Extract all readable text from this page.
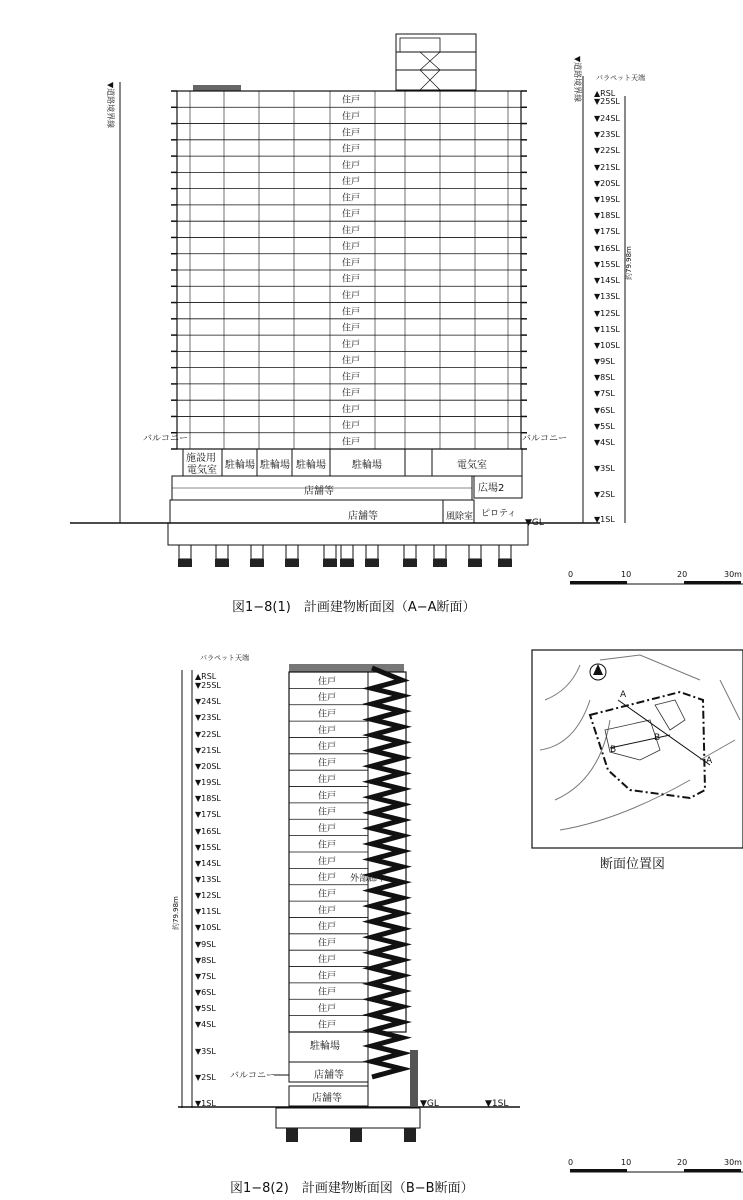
▼道路境界線	住戸
住戸
住戸
住戸
住戸
住戸
住戸
住戸
住戸
住戸
住戸
住戸
住戸
住戸
住戸
住戸
住戸
住戸
住戸
住戸
住戸
住戸
施設用
電気室 駐輪場 駐輪場 駐輪場	駐輪場	電気室
店舗等	広場2
店舗等	風除室 ピロティ
バルコニー	バルコニー
▼GL
▼道路境界線 パラペット天端
約79.98m
▲RSL
▼25SL
▼24SL
▼23SL
▼22SL
▼21SL
▼20SL
▼19SL
▼18SL
▼17SL
▼16SL
▼15SL
▼14SL
▼13SL
▼12SL
▼11SL
▼10SL
▼9SL
▼8SL
▼7SL
▼6SL
▼5SL
▼4SL
▼3SL
▼2SL
▼1SL
図1−8(1)　計画建物断面図（A−A断面）
0	10	20	30m
パラペット天端
約79.98m
▲RSL
▼25SL
▼24SL
▼23SL
▼22SL
▼21SL
▼20SL
▼19SL
▼18SL
▼17SL
▼16SL
▼15SL
▼14SL
▼13SL
▼12SL
▼11SL
▼10SL
▼9SL
▼8SL
▼7SL
▼6SL
▼5SL
▼4SL
▼3SL
▼2SL
▼1SL
住戸
住戸
住戸
住戸
住戸
住戸
住戸
住戸
住戸
住戸
住戸
住戸
住戸
住戸
住戸
住戸
住戸
住戸
住戸
住戸
住戸
住戸
外部廊下
駐輪場
店舗等
バルコニー
店舗等	▼GL	▼1SL
図1−8(2)　計画建物断面図（B−B断面）
0	10	20	30m
A
B
B
A
断面位置図
